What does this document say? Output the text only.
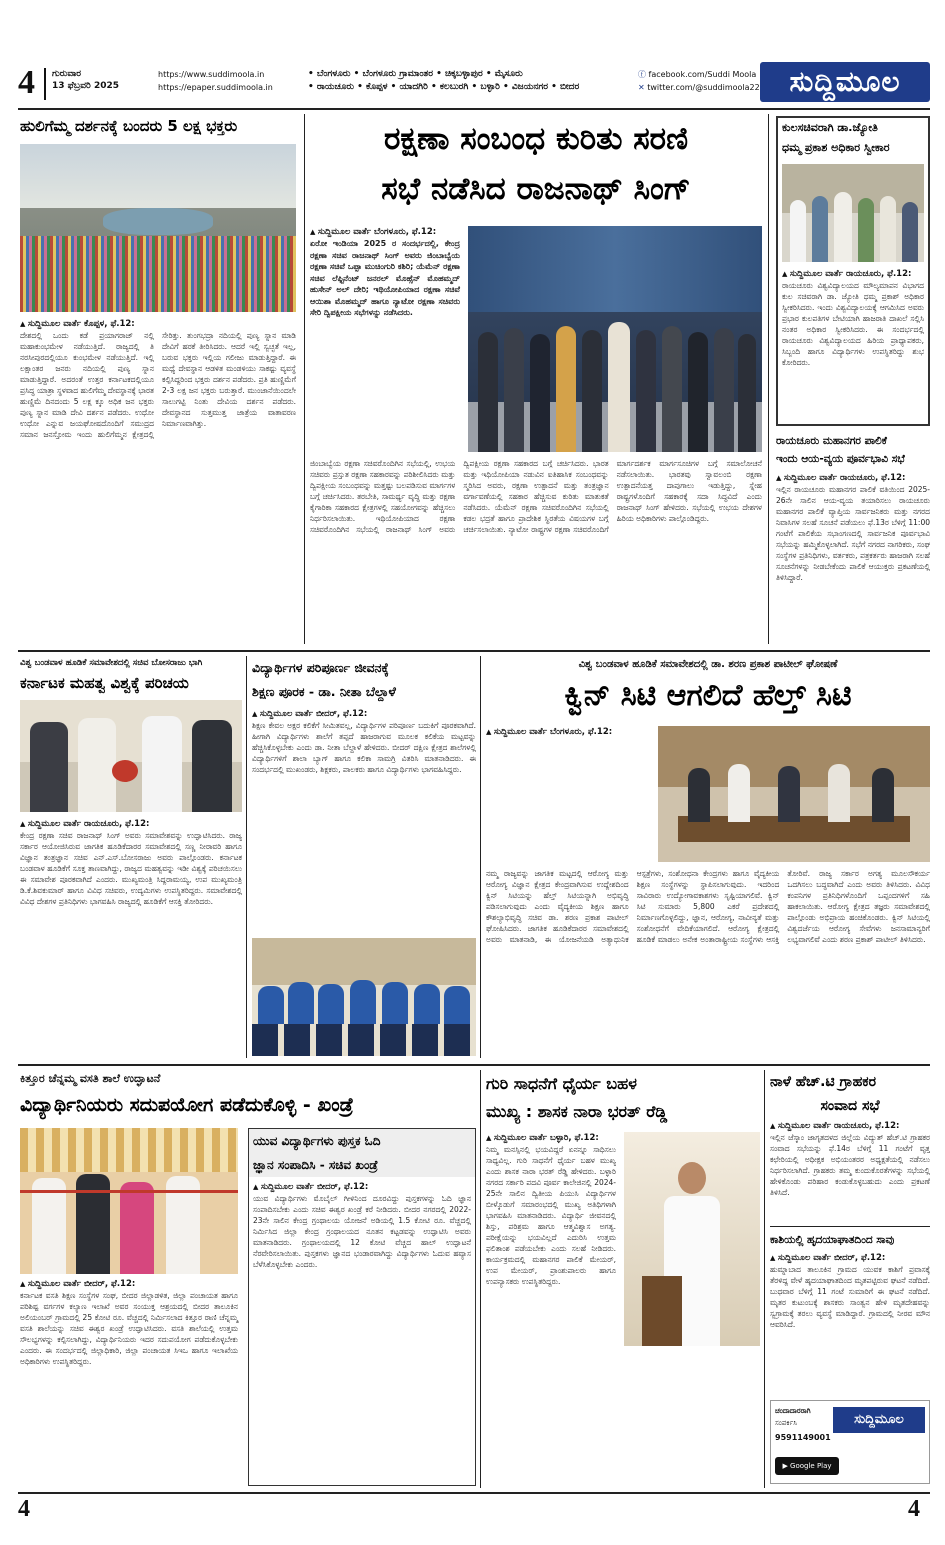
4 ಗುರುವಾರ
13 ಫೆಬ್ರವರಿ 2025
https://www.suddimoola.in
https://epaper.suddimoola.in
• ಬೆಂಗಳೂರು • ಬೆಂಗಳೂರು ಗ್ರಾಮಾಂತರ • ಚಿಕ್ಕಬಳ್ಳಾಪುರ • ಮೈಸೂರು
• ರಾಯಚೂರು • ಕೊಪ್ಪಳ • ಯಾದಗಿರಿ • ಕಲಬುರಗಿ • ಬಳ್ಳಾರಿ • ವಿಜಯನಗರ • ಬೀದರ
ⓕ facebook.com/Suddi Moola
✕ twitter.com/@suddimoola22	ಸುದ್ದಿಮೂಲ
ಹುಲಿಗೆಮ್ಮ ದರ್ಶನಕ್ಕೆ ಬಂದರು 5 ಲಕ್ಷ ಭಕ್ತರು
▲ ಸುದ್ದಿಮೂಲ ವಾರ್ತೆ ಕೊಪ್ಪಳ, ಫೆ.12:
ದೇಶದಲ್ಲಿ ಒಂದು ಕಡೆ ಪ್ರಯಾಗರಾಜ್ ನಲ್ಲಿ ಮಹಾಕುಂಭಮೇಳ ನಡೆಯುತ್ತಿದೆ. ರಾಜ್ಯದಲ್ಲಿ ತಿ ನರಸೀಪುರದಲ್ಲಿಯೂ ಕುಂಭಮೇಳ ನಡೆಯುತ್ತಿದೆ. ಇಲ್ಲಿ ಲಕ್ಷಾಂತರ ಜನರು ನದಿಯಲ್ಲಿ ಪುಣ್ಯ ಸ್ನಾನ ಮಾಡುತ್ತಿದ್ದಾರೆ. ಅದರಂತೆ ಉತ್ತರ ಕರ್ನಾಟಕದಲ್ಲಿಯೂ ಪ್ರಸಿದ್ಧ ಯಾತ್ರಾ ಸ್ಥಳವಾದ ಹುಲಿಗೆಮ್ಮ ದೇವಸ್ಥಾನಕ್ಕೆ ಭಾರತ ಹುಣ್ಣಿಮೆ ದಿನದಂದು 5 ಲಕ್ಷ ಕ್ಕೂ ಅಧಿಕ ಜನ ಭಕ್ತರು ಪುಣ್ಯ ಸ್ನಾನ ಮಾಡಿ ದೇವಿ ದರ್ಶನ ಪಡೆದರು. ಉಧೋ ಉಧೋ ಎನ್ನುವ ಜಯಘೋಷದೊಂದಿಗೆ ಸಮುದ್ರದ ಸಮಾನ ಜನಸ್ತೋಮ ಇಂದು ಹುಲಿಗೆಮ್ಮನ ಕ್ಷೇತ್ರದಲ್ಲಿ ಸೇರಿತ್ತು. ತುಂಗಭದ್ರಾ ನದಿಯಲ್ಲಿ ಪುಣ್ಯ ಸ್ನಾನ ಮಾಡಿ ದೇವಿಗೆ ಹರಕೆ ತೀರಿಸಿದರು. ಆದರೆ ಇಲ್ಲಿ ಸ್ವಚ್ಛತೆ ಇಲ್ಲ, ಬರುವ ಭಕ್ತರು ಇಲ್ಲಿಯ ಗಲೀಜು ಮಾಡುತ್ತಿದ್ದಾರೆ. ಈ ಮಧ್ಯೆ ದೇವಸ್ಥಾನ ಆಡಳಿತ ಮಂಡಳಿಯು ಸಾಕಷ್ಟು ವ್ಯವಸ್ಥೆ ಕಲ್ಪಿಸಿದ್ದರಿಂದ ಭಕ್ತರು ದರ್ಶನ ಪಡೆದರು. ಪ್ರತಿ ಹುಣ್ಣಿಮೆಗೆ 2-3 ಲಕ್ಷ ಜನ ಭಕ್ತರು ಬರುತ್ತಾರೆ. ಮುಂಜಾನೆಯಿಂದಲೇ ಸಾಲುಗಟ್ಟಿ ನಿಂತು ದೇವಿಯ ದರ್ಶನ ಪಡೆದರು. ದೇವಸ್ಥಾನದ ಸುತ್ತಮುತ್ತ ಜಾತ್ರೆಯ ವಾತಾವರಣ ನಿರ್ಮಾಣವಾಗಿತ್ತು.
ರಕ್ಷಣಾ ಸಂಬಂಧ ಕುರಿತು ಸರಣಿ
ಸಭೆ ನಡೆಸಿದ ರಾಜನಾಥ್ ಸಿಂಗ್
▲ ಸುದ್ದಿಮೂಲ ವಾರ್ತೆ ಬೆಂಗಳೂರು, ಫೆ.12:
ಏರೋ ಇಂಡಿಯಾ 2025 ರ ಸಂದರ್ಭದಲ್ಲಿ, ಕೇಂದ್ರ ರಕ್ಷಣಾ ಸಚಿವ ರಾಜನಾಥ್ ಸಿಂಗ್ ಅವರು ಜಿಂಬಾಬ್ವೆಯ ರಕ್ಷಣಾ ಸಚಿವೆ ಒಪ್ಪಾ ಮುಚಿಂಗುರಿ ಕಶಿರಿ; ಯೆಮೆನ್ ರಕ್ಷಣಾ ಸಚಿವ ಲೆಫ್ಟಿನೆಂಟ್ ಜನರಲ್ ಮೊಹ್ಸೆನ್ ಮೊಹಮ್ಮದ್ ಹುಸೇನ್ ಅಲ್ ದೇರಿ; ಇಥಿಯೋಪಿಯಾದ ರಕ್ಷಣಾ ಸಚಿವೆ ಆಯಿಶಾ ಮೊಹಮ್ಮದ್ ಹಾಗೂ ನ್ಯಾಟೋ ರಕ್ಷಣಾ ಸಚಿವರು ಸೇರಿ ದ್ವಿಪಕ್ಷೀಯ ಸಭೆಗಳನ್ನು ನಡೆಸಿದರು.
ಜಿಂಬಾಬ್ವೆಯ ರಕ್ಷಣಾ ಸಚಿವರೊಂದಿಗಿನ ಸಭೆಯಲ್ಲಿ, ಉಭಯ ಸಚಿವರು ಪ್ರಸ್ತುತ ರಕ್ಷಣಾ ಸಹಕಾರವನ್ನು ಪರಿಶೀಲಿಸಿದರು ಮತ್ತು ದ್ವಿಪಕ್ಷೀಯ ಸಂಬಂಧವನ್ನು ಮತ್ತಷ್ಟು ಬಲಪಡಿಸುವ ಮಾರ್ಗಗಳ ಬಗ್ಗೆ ಚರ್ಚಿಸಿದರು. ತರಬೇತಿ, ಸಾಮರ್ಥ್ಯ ವೃದ್ಧಿ ಮತ್ತು ರಕ್ಷಣಾ ಕೈಗಾರಿಕಾ ಸಹಕಾರದ ಕ್ಷೇತ್ರಗಳಲ್ಲಿ ಸಹಯೋಗವನ್ನು ಹೆಚ್ಚಿಸಲು ನಿರ್ಧರಿಸಲಾಯಿತು. ಇಥಿಯೋಪಿಯಾದ ರಕ್ಷಣಾ ಸಚಿವರೊಂದಿಗಿನ ಸಭೆಯಲ್ಲಿ ರಾಜನಾಥ್ ಸಿಂಗ್ ಅವರು ದ್ವಿಪಕ್ಷೀಯ ರಕ್ಷಣಾ ಸಹಕಾರದ ಬಗ್ಗೆ ಚರ್ಚಿಸಿದರು. ಭಾರತ ಮತ್ತು ಇಥಿಯೋಪಿಯಾ ನಡುವಿನ ಐತಿಹಾಸಿಕ ಸಂಬಂಧವನ್ನು ಸ್ಮರಿಸಿದ ಅವರು, ರಕ್ಷಣಾ ಉತ್ಪಾದನೆ ಮತ್ತು ತಂತ್ರಜ್ಞಾನ ವರ್ಗಾವಣೆಯಲ್ಲಿ ಸಹಕಾರ ಹೆಚ್ಚಿಸುವ ಕುರಿತು ಮಾತುಕತೆ ನಡೆಸಿದರು. ಯೆಮೆನ್ ರಕ್ಷಣಾ ಸಚಿವರೊಂದಿಗಿನ ಸಭೆಯಲ್ಲಿ ಕಡಲ ಭದ್ರತೆ ಹಾಗೂ ಪ್ರಾದೇಶಿಕ ಸ್ಥಿರತೆಯ ವಿಷಯಗಳ ಬಗ್ಗೆ ಚರ್ಚಿಸಲಾಯಿತು. ನ್ಯಾಟೋ ರಾಷ್ಟ್ರಗಳ ರಕ್ಷಣಾ ಸಚಿವರೊಂದಿಗೆ ಮಾರ್ಗದರ್ಶಕ ಮಾರ್ಗಸೂಚಿಗಳ ಬಗ್ಗೆ ಸಮಾಲೋಚನೆ ನಡೆಸಲಾಯಿತು. ಭಾರತವು ಸ್ವಾವಲಂಬಿ ರಕ್ಷಣಾ ಉತ್ಪಾದನೆಯತ್ತ ದಾಪುಗಾಲು ಇಡುತ್ತಿದ್ದು, ಸ್ನೇಹ ರಾಷ್ಟ್ರಗಳೊಂದಿಗೆ ಸಹಕಾರಕ್ಕೆ ಸದಾ ಸಿದ್ಧವಿದೆ ಎಂದು ರಾಜನಾಥ್ ಸಿಂಗ್ ಹೇಳಿದರು. ಸಭೆಯಲ್ಲಿ ಉಭಯ ದೇಶಗಳ ಹಿರಿಯ ಅಧಿಕಾರಿಗಳು ಪಾಲ್ಗೊಂಡಿದ್ದರು.
ಕುಲಸಚಿವರಾಗಿ ಡಾ.ಜ್ಯೋತಿ
ಧಮ್ಮ ಪ್ರಕಾಶ ಅಧಿಕಾರ ಸ್ವೀಕಾರ
▲ ಸುದ್ದಿಮೂಲ ವಾರ್ತೆ ರಾಯಚೂರು, ಫೆ.12:
ರಾಯಚೂರು ವಿಶ್ವವಿದ್ಯಾಲಯದ ಮೌಲ್ಯಮಾಪನ ವಿಭಾಗದ ಕುಲ ಸಚಿವರಾಗಿ ಡಾ. ಜ್ಯೋತಿ ಧಮ್ಮ ಪ್ರಕಾಶ್ ಅಧಿಕಾರ ಸ್ವೀಕರಿಸಿದರು. ಇಂದು ವಿಶ್ವವಿದ್ಯಾಲಯಕ್ಕೆ ಆಗಮಿಸಿದ ಅವರು ಪ್ರಭಾರ ಕುಲಪತಿಗಳ ಬೇಟಿಯಾಗಿ ಹಾಜರಾತಿ ದಾಖಲೆ ಸಲ್ಲಿಸಿ ನಂತರ ಅಧಿಕಾರ ಸ್ವೀಕರಿಸಿದರು. ಈ ಸಂದರ್ಭದಲ್ಲಿ ರಾಯಚೂರು ವಿಶ್ವವಿದ್ಯಾಲಯದ ಹಿರಿಯ ಪ್ರಾಧ್ಯಾಪಕರು, ಸಿಬ್ಬಂದಿ ಹಾಗೂ ವಿದ್ಯಾರ್ಥಿಗಳು ಉಪಸ್ಥಿತರಿದ್ದು ಶುಭ ಕೋರಿದರು.
ರಾಯಚೂರು ಮಹಾನಗರ ಪಾಲಿಕೆ
ಇಂದು ಆಯ-ವ್ಯಯ ಪೂರ್ವಭಾವಿ ಸಭೆ
▲ ಸುದ್ದಿಮೂಲ ವಾರ್ತೆ ರಾಯಚೂರು, ಫೆ.12:
ಇಲ್ಲಿನ ರಾಯಚೂರು ಮಹಾನಗರ ಪಾಲಿಕೆ ವತಿಯಿಂದ 2025-26ನೇ ಸಾಲಿನ ಆಯ-ವ್ಯಯ ತಯಾರಿಸಲು ರಾಯಚೂರು ಮಹಾನಗರ ಪಾಲಿಕೆ ವ್ಯಾಪ್ತಿಯ ಸಾರ್ವಜನಿಕರು ಮತ್ತು ನಗರದ ನಿವಾಸಿಗಳ ಸಲಹೆ ಸೂಚನೆ ಪಡೆಯಲು ಫೆ.13ರ ಬೆಳಿಗ್ಗೆ 11:00 ಗಂಟೆಗೆ ಪಾಲಿಕೆಯ ಸಭಾಂಗಣದಲ್ಲಿ ಸಾರ್ವಜನಿಕ ಪೂರ್ವಭಾವಿ ಸಭೆಯನ್ನು ಹಮ್ಮಿಕೊಳ್ಳಲಾಗಿದೆ. ಸಭೆಗೆ ನಗರದ ನಾಗರಿಕರು, ಸಂಘ ಸಂಸ್ಥೆಗಳ ಪ್ರತಿನಿಧಿಗಳು, ವರ್ತಕರು, ಪತ್ರಕರ್ತರು ಹಾಜರಾಗಿ ಸಲಹೆ ಸೂಚನೆಗಳನ್ನು ನೀಡಬೇಕೆಂದು ಪಾಲಿಕೆ ಆಯುಕ್ತರು ಪ್ರಕಟಣೆಯಲ್ಲಿ ತಿಳಿಸಿದ್ದಾರೆ.
ವಿಶ್ವ ಬಂಡವಾಳ ಹೂಡಿಕೆ ಸಮಾವೇಶದಲ್ಲಿ ಸಚಿವ ಬೋಸರಾಜು ಭಾಗಿ
ಕರ್ನಾಟಕ ಮಹತ್ವ ವಿಶ್ವಕ್ಕೆ ಪರಿಚಯ
▲ ಸುದ್ದಿಮೂಲ ವಾರ್ತೆ ರಾಯಚೂರು, ಫೆ.12:
ಕೇಂದ್ರ ರಕ್ಷಣಾ ಸಚಿವ ರಾಜನಾಥ್ ಸಿಂಗ್ ಅವರು ಸಮಾವೇಶವನ್ನು ಉದ್ಘಾಟಿಸಿದರು. ರಾಜ್ಯ ಸರ್ಕಾರ ಆಯೋಜಿಸಿರುವ ಜಾಗತಿಕ ಹೂಡಿಕೆದಾರರ ಸಮಾವೇಶದಲ್ಲಿ ಸಣ್ಣ ನೀರಾವರಿ ಹಾಗೂ ವಿಜ್ಞಾನ ತಂತ್ರಜ್ಞಾನ ಸಚಿವ ಎನ್.ಎಸ್.ಬೋಸರಾಜು ಅವರು ಪಾಲ್ಗೊಂಡರು. ಕರ್ನಾಟಕ ಬಂಡವಾಳ ಹೂಡಿಕೆಗೆ ಸೂಕ್ತ ತಾಣವಾಗಿದ್ದು, ರಾಜ್ಯದ ಮಹತ್ವವನ್ನು ಇಡೀ ವಿಶ್ವಕ್ಕೆ ಪರಿಚಯಿಸಲು ಈ ಸಮಾವೇಶ ಪೂರಕವಾಗಿದೆ ಎಂದರು. ಮುಖ್ಯಮಂತ್ರಿ ಸಿದ್ದರಾಮಯ್ಯ, ಉಪ ಮುಖ್ಯಮಂತ್ರಿ ಡಿ.ಕೆ.ಶಿವಕುಮಾರ್ ಹಾಗೂ ವಿವಿಧ ಸಚಿವರು, ಉದ್ಯಮಿಗಳು ಉಪಸ್ಥಿತರಿದ್ದರು. ಸಮಾವೇಶದಲ್ಲಿ ವಿವಿಧ ದೇಶಗಳ ಪ್ರತಿನಿಧಿಗಳು ಭಾಗವಹಿಸಿ ರಾಜ್ಯದಲ್ಲಿ ಹೂಡಿಕೆಗೆ ಆಸಕ್ತಿ ತೋರಿದರು.
ವಿದ್ಯಾರ್ಥಿಗಳ ಪರಿಪೂರ್ಣ ಜೀವನಕ್ಕೆ
ಶಿಕ್ಷಣ ಪೂರಕ - ಡಾ. ನೀತಾ ಬೆಲ್ದಾಳೆ
▲ ಸುದ್ದಿಮೂಲ ವಾರ್ತೆ ಬೀದರ್, ಫೆ.12:
ಶಿಕ್ಷಣ ಕೇವಲ ಅಕ್ಷರ ಕಲಿಕೆಗೆ ಸೀಮಿತವಲ್ಲ, ವಿದ್ಯಾರ್ಥಿಗಳ ಪರಿಪೂರ್ಣ ಬದುಕಿಗೆ ಪೂರಕವಾಗಿದೆ. ಹೀಗಾಗಿ ವಿದ್ಯಾರ್ಥಿಗಳು ಶಾಲೆಗೆ ತಪ್ಪದೆ ಹಾಜರಾಗುವ ಮೂಲಕ ಕಲಿಕೆಯ ಮಟ್ಟವನ್ನು ಹೆಚ್ಚಿಸಿಕೊಳ್ಳಬೇಕು ಎಂದು ಡಾ. ನೀತಾ ಬೆಲ್ದಾಳೆ ಹೇಳಿದರು. ಬೀದರ್ ದಕ್ಷಿಣ ಕ್ಷೇತ್ರದ ಶಾಲೆಗಳಲ್ಲಿ ವಿದ್ಯಾರ್ಥಿಗಳಿಗೆ ಶಾಲಾ ಬ್ಯಾಗ್ ಹಾಗೂ ಕಲಿಕಾ ಸಾಮಗ್ರಿ ವಿತರಿಸಿ ಮಾತನಾಡಿದರು. ಈ ಸಂದರ್ಭದಲ್ಲಿ ಮುಖಂಡರು, ಶಿಕ್ಷಕರು, ಪಾಲಕರು ಹಾಗೂ ವಿದ್ಯಾರ್ಥಿಗಳು ಭಾಗವಹಿಸಿದ್ದರು.
ವಿಶ್ವ ಬಂಡವಾಳ ಹೂಡಿಕೆ ಸಮಾವೇಶದಲ್ಲಿ ಡಾ. ಶರಣ ಪ್ರಕಾಶ ಪಾಟೀಲ್ ಘೋಷಣೆ
ಕ್ವಿನ್ ಸಿಟಿ ಆಗಲಿದೆ ಹೆಲ್ತ್ ಸಿಟಿ
▲ ಸುದ್ದಿಮೂಲ ವಾರ್ತೆ ಬೆಂಗಳೂರು, ಫೆ.12:
ನಮ್ಮ ರಾಜ್ಯವನ್ನು ಜಾಗತಿಕ ಮಟ್ಟದಲ್ಲಿ ಆರೋಗ್ಯ ಮತ್ತು ಆರೋಗ್ಯ ವಿಜ್ಞಾನ ಕ್ಷೇತ್ರದ ಕೇಂದ್ರವಾಗಿಸುವ ಉದ್ದೇಶದಿಂದ ಕ್ವಿನ್ ಸಿಟಿಯನ್ನು ಹೆಲ್ತ್ ಸಿಟಿಯನ್ನಾಗಿ ಅಭಿವೃದ್ಧಿ ಪಡಿಸಲಾಗುವುದು ಎಂದು ವೈದ್ಯಕೀಯ ಶಿಕ್ಷಣ ಹಾಗೂ ಕೌಶಲ್ಯಾಭಿವೃದ್ಧಿ ಸಚಿವ ಡಾ. ಶರಣ ಪ್ರಕಾಶ ಪಾಟೀಲ್ ಘೋಷಿಸಿದರು. ಜಾಗತಿಕ ಹೂಡಿಕೆದಾರರ ಸಮಾವೇಶದಲ್ಲಿ ಅವರು ಮಾತನಾಡಿ, ಈ ಯೋಜನೆಯಡಿ ಅತ್ಯಾಧುನಿಕ ಆಸ್ಪತ್ರೆಗಳು, ಸಂಶೋಧನಾ ಕೇಂದ್ರಗಳು ಹಾಗೂ ವೈದ್ಯಕೀಯ ಶಿಕ್ಷಣ ಸಂಸ್ಥೆಗಳನ್ನು ಸ್ಥಾಪಿಸಲಾಗುವುದು. ಇದರಿಂದ ಸಾವಿರಾರು ಉದ್ಯೋಗಾವಕಾಶಗಳು ಸೃಷ್ಟಿಯಾಗಲಿವೆ. ಕ್ವಿನ್ ಸಿಟಿ ಸುಮಾರು 5,800 ಎಕರೆ ಪ್ರದೇಶದಲ್ಲಿ ನಿರ್ಮಾಣಗೊಳ್ಳಲಿದ್ದು, ಜ್ಞಾನ, ಆರೋಗ್ಯ, ನಾವೀನ್ಯತೆ ಮತ್ತು ಸಂಶೋಧನೆಗೆ ವೇದಿಕೆಯಾಗಲಿದೆ. ಆರೋಗ್ಯ ಕ್ಷೇತ್ರದಲ್ಲಿ ಹೂಡಿಕೆ ಮಾಡಲು ಅನೇಕ ಅಂತಾರಾಷ್ಟ್ರೀಯ ಸಂಸ್ಥೆಗಳು ಆಸಕ್ತಿ ತೋರಿವೆ. ರಾಜ್ಯ ಸರ್ಕಾರ ಅಗತ್ಯ ಮೂಲಸೌಕರ್ಯ ಒದಗಿಸಲು ಬದ್ಧವಾಗಿದೆ ಎಂದು ಅವರು ತಿಳಿಸಿದರು. ವಿವಿಧ ಕಂಪನಿಗಳ ಪ್ರತಿನಿಧಿಗಳೊಂದಿಗೆ ಒಪ್ಪಂದಗಳಿಗೆ ಸಹಿ ಹಾಕಲಾಯಿತು. ಆರೋಗ್ಯ ಕ್ಷೇತ್ರದ ತಜ್ಞರು ಸಮಾವೇಶದಲ್ಲಿ ಪಾಲ್ಗೊಂಡು ಅಭಿಪ್ರಾಯ ಹಂಚಿಕೊಂಡರು. ಕ್ವಿನ್ ಸಿಟಿಯಲ್ಲಿ ವಿಶ್ವದರ್ಜೆಯ ಆರೋಗ್ಯ ಸೇವೆಗಳು ಜನಸಾಮಾನ್ಯರಿಗೆ ಲಭ್ಯವಾಗಲಿವೆ ಎಂದು ಶರಣ ಪ್ರಕಾಶ್ ಪಾಟೀಲ್ ತಿಳಿಸಿದರು.
ಕಿತ್ತೂರ ಚೆನ್ನಮ್ಮ ವಸತಿ ಶಾಲೆ ಉದ್ಘಾಟನೆ
ವಿದ್ಯಾರ್ಥಿನಿಯರು ಸದುಪಯೋಗ ಪಡೆದುಕೊಳ್ಳಿ - ಖಂಡ್ರೆ
▲ ಸುದ್ದಿಮೂಲ ವಾರ್ತೆ ಬೀದರ್, ಫೆ.12:
ಕರ್ನಾಟಕ ವಸತಿ ಶಿಕ್ಷಣ ಸಂಸ್ಥೆಗಳ ಸಂಘ, ಬೀದರ ಜಿಲ್ಲಾಡಳಿತ, ಜಿಲ್ಲಾ ಪಂಚಾಯತ ಹಾಗೂ ಪರಿಶಿಷ್ಟ ವರ್ಗಗಳ ಕಲ್ಯಾಣ ಇಲಾಖೆ ಅವರ ಸಂಯುಕ್ತ ಆಶ್ರಯದಲ್ಲಿ ಬೀದರ ತಾಲೂಕಿನ ಅಲಿಯಂಬರ್ ಗ್ರಾಮದಲ್ಲಿ 25 ಕೋಟಿ ರೂ. ವೆಚ್ಚದಲ್ಲಿ ನಿರ್ಮಿಸಲಾದ ಕಿತ್ತೂರ ರಾಣಿ ಚೆನ್ನಮ್ಮ ವಸತಿ ಶಾಲೆಯನ್ನು ಸಚಿವ ಈಶ್ವರ ಖಂಡ್ರೆ ಉದ್ಘಾಟಿಸಿದರು. ವಸತಿ ಶಾಲೆಯಲ್ಲಿ ಉತ್ತಮ ಸೌಲಭ್ಯಗಳನ್ನು ಕಲ್ಪಿಸಲಾಗಿದ್ದು, ವಿದ್ಯಾರ್ಥಿನಿಯರು ಇದರ ಸದುಪಯೋಗ ಪಡೆದುಕೊಳ್ಳಬೇಕು ಎಂದರು. ಈ ಸಂದರ್ಭದಲ್ಲಿ ಜಿಲ್ಲಾಧಿಕಾರಿ, ಜಿಲ್ಲಾ ಪಂಚಾಯತ ಸಿಇಒ ಹಾಗೂ ಇಲಾಖೆಯ ಅಧಿಕಾರಿಗಳು ಉಪಸ್ಥಿತರಿದ್ದರು.
ಯುವ ವಿದ್ಯಾರ್ಥಿಗಳು ಪುಸ್ತಕ ಓದಿ
ಜ್ಞಾನ ಸಂಪಾದಿಸಿ - ಸಚಿವ ಖಂಡ್ರೆ
▲ ಸುದ್ದಿಮೂಲ ವಾರ್ತೆ ಬೀದರ್, ಫೆ.12:
ಯುವ ವಿದ್ಯಾರ್ಥಿಗಳು ಮೊಬೈಲ್ ಗೀಳಿನಿಂದ ದೂರವಿದ್ದು ಪುಸ್ತಕಗಳನ್ನು ಓದಿ ಜ್ಞಾನ ಸಂಪಾದಿಸಬೇಕು ಎಂದು ಸಚಿವ ಈಶ್ವರ ಖಂಡ್ರೆ ಕರೆ ನೀಡಿದರು. ಬೀದರ ನಗರದಲ್ಲಿ 2022-23ನೇ ಸಾಲಿನ ಕೇಂದ್ರ ಗ್ರಂಥಾಲಯ ಯೋಜನೆ ಅಡಿಯಲ್ಲಿ 1.5 ಕೋಟಿ ರೂ. ವೆಚ್ಚದಲ್ಲಿ ನಿರ್ಮಿಸಿದ ಜಿಲ್ಲಾ ಕೇಂದ್ರ ಗ್ರಂಥಾಲಯದ ನೂತನ ಕಟ್ಟಡವನ್ನು ಉದ್ಘಾಟಿಸಿ ಅವರು ಮಾತನಾಡಿದರು. ಗ್ರಂಥಾಲಯದಲ್ಲಿ 12 ಕೋಟಿ ವೆಚ್ಚದ ಹಾಲ್ ಉದ್ಘಾಟನೆ ನೆರವೇರಿಸಲಾಯಿತು. ಪುಸ್ತಕಗಳು ಜ್ಞಾನದ ಭಂಡಾರವಾಗಿದ್ದು ವಿದ್ಯಾರ್ಥಿಗಳು ಓದುವ ಹವ್ಯಾಸ ಬೆಳೆಸಿಕೊಳ್ಳಬೇಕು ಎಂದರು.
ಗುರಿ ಸಾಧನೆಗೆ ಧೈರ್ಯ ಬಹಳ
ಮುಖ್ಯ : ಶಾಸಕ ನಾರಾ ಭರತ್ ರೆಡ್ಡಿ
▲ ಸುದ್ದಿಮೂಲ ವಾರ್ತೆ ಬಳ್ಳಾರಿ, ಫೆ.12:
ನಿಮ್ಮ ಮನಸ್ಸಿನಲ್ಲಿ ಭಯವಿದ್ದರೆ ಏನನ್ನೂ ಸಾಧಿಸಲು ಸಾಧ್ಯವಿಲ್ಲ. ಗುರಿ ಸಾಧನೆಗೆ ಧೈರ್ಯ ಬಹಳ ಮುಖ್ಯ ಎಂದು ಶಾಸಕ ನಾರಾ ಭರತ್ ರೆಡ್ಡಿ ಹೇಳಿದರು. ಬಳ್ಳಾರಿ ನಗರದ ಸರ್ಕಾರಿ ಪದವಿ ಪೂರ್ವ ಕಾಲೇಜಿನಲ್ಲಿ 2024-25ನೇ ಸಾಲಿನ ದ್ವಿತೀಯ ಪಿಯುಸಿ ವಿದ್ಯಾರ್ಥಿಗಳ ಬೀಳ್ಕೊಡುಗೆ ಸಮಾರಂಭದಲ್ಲಿ ಮುಖ್ಯ ಅತಿಥಿಗಳಾಗಿ ಭಾಗವಹಿಸಿ ಮಾತನಾಡಿದರು. ವಿದ್ಯಾರ್ಥಿ ಜೀವನದಲ್ಲಿ ಶಿಸ್ತು, ಪರಿಶ್ರಮ ಹಾಗೂ ಆತ್ಮವಿಶ್ವಾಸ ಅಗತ್ಯ. ಪರೀಕ್ಷೆಯನ್ನು ಭಯವಿಲ್ಲದೆ ಎದುರಿಸಿ ಉತ್ತಮ ಫಲಿತಾಂಶ ಪಡೆಯಬೇಕು ಎಂದು ಸಲಹೆ ನೀಡಿದರು. ಕಾರ್ಯಕ್ರಮದಲ್ಲಿ ಮಹಾನಗರ ಪಾಲಿಕೆ ಮೇಯರ್, ಉಪ ಮೇಯರ್, ಪ್ರಾಂಶುಪಾಲರು ಹಾಗೂ ಉಪನ್ಯಾಸಕರು ಉಪಸ್ಥಿತರಿದ್ದರು.
ನಾಳೆ ಹೆಚ್.ಟಿ ಗ್ರಾಹಕರ
ಸಂವಾದ ಸಭೆ
▲ ಸುದ್ದಿಮೂಲ ವಾರ್ತೆ ರಾಯಚೂರು, ಫೆ.12:
ಇಲ್ಲಿನ ಜೆಸ್ಕಾಂ ಜಾಗೃತದಳದ ಜಿಲ್ಲೆಯ ವಿದ್ಯುತ್ ಹೆಚ್.ಟಿ ಗ್ರಾಹಕರ ಸಂವಾದ ಸಭೆಯನ್ನು ಫೆ.14ರ ಬೆಳಿಗ್ಗೆ 11 ಗಂಟೆಗೆ ವೃತ್ತ ಕಛೇರಿಯಲ್ಲಿ ಅಧೀಕ್ಷಕ ಅಭಿಯಂತರರ ಅಧ್ಯಕ್ಷತೆಯಲ್ಲಿ ನಡೆಸಲು ನಿರ್ಧರಿಸಲಾಗಿದೆ. ಗ್ರಾಹಕರು ತಮ್ಮ ಕುಂದುಕೊರತೆಗಳನ್ನು ಸಭೆಯಲ್ಲಿ ಹೇಳಿಕೊಂಡು ಪರಿಹಾರ ಕಂಡುಕೊಳ್ಳಬಹುದು ಎಂದು ಪ್ರಕಟಣೆ ತಿಳಿಸಿದೆ.
ಕಾಶಿಯಲ್ಲಿ ಹೃದಯಾಘಾತದಿಂದ ಸಾವು
▲ ಸುದ್ದಿಮೂಲ ವಾರ್ತೆ ಬೀದರ್, ಫೆ.12:
ಹುಮ್ನಾಬಾದ ತಾಲೂಕಿನ ಗ್ರಾಮದ ಯುವಕ ಕಾಶಿಗೆ ಪ್ರವಾಸಕ್ಕೆ ತೆರಳಿದ್ದ ವೇಳೆ ಹೃದಯಾಘಾತದಿಂದ ಮೃತಪಟ್ಟಿರುವ ಘಟನೆ ನಡೆದಿದೆ. ಬುಧವಾರ ಬೆಳಿಗ್ಗೆ 11 ಗಂಟೆ ಸುಮಾರಿಗೆ ಈ ಘಟನೆ ನಡೆದಿದೆ. ಮೃತರ ಕುಟುಂಬಕ್ಕೆ ಶಾಸಕರು ಸಾಂತ್ವನ ಹೇಳಿ ಮೃತದೇಹವನ್ನು ಸ್ವಗ್ರಾಮಕ್ಕೆ ತರಲು ವ್ಯವಸ್ಥೆ ಮಾಡಿದ್ದಾರೆ. ಗ್ರಾಮದಲ್ಲಿ ನೀರವ ಮೌನ ಆವರಿಸಿದೆ.
ಚಂದಾದಾರರಾಗಿ
ಸಂಪರ್ಕಿಸಿ
9591149001
ಸುದ್ದಿಮೂಲ
▶ Google Play
4	4
